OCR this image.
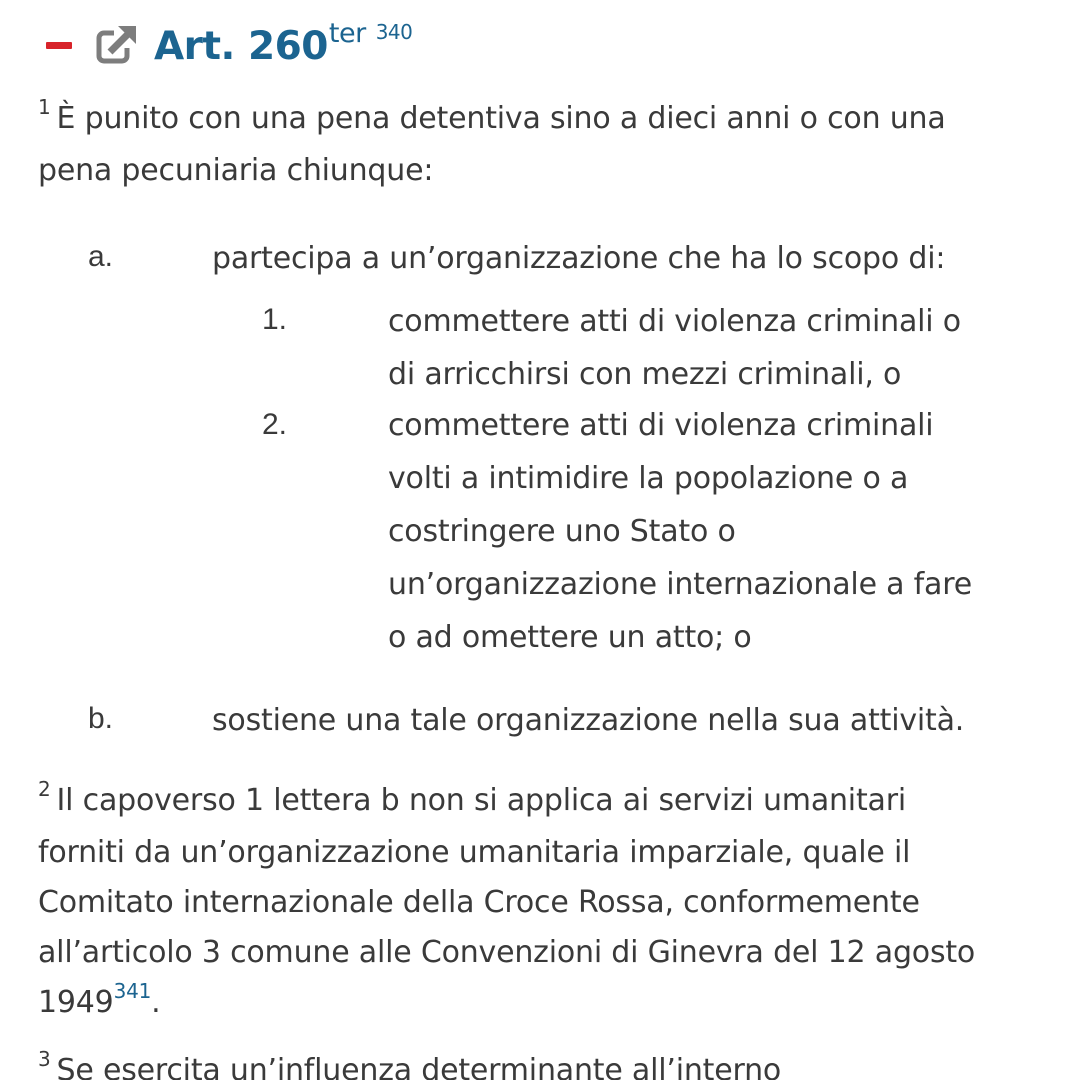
Art. $260^{ter}$ $^{340}$
$^1$ È punito con una pena detentiva sino a dieci anni o con una
pena pecuniaria chiunque:
a.	partecipa a un’organizzazione che ha lo scopo di:
1.	commettere atti di violenza criminali o
di arricchirsi con mezzi criminali, o
2.	commettere atti di violenza criminali
volti a intimidire la popolazione o a
costringere uno Stato o
un’organizzazione internazionale a fare
o ad omettere un atto; o
b.	sostiene una tale organizzazione nella sua attività.
$^2$ Il capoverso 1 lettera b non si applica ai servizi umanitari
forniti da un’organizzazione umanitaria imparziale, quale il
Comitato internazionale della Croce Rossa, conformemente
all’articolo 3 comune alle Convenzioni di Ginevra del 12 agosto
1949$^{341}$.
$^3$ Se esercita un’influenza determinante all’interno
